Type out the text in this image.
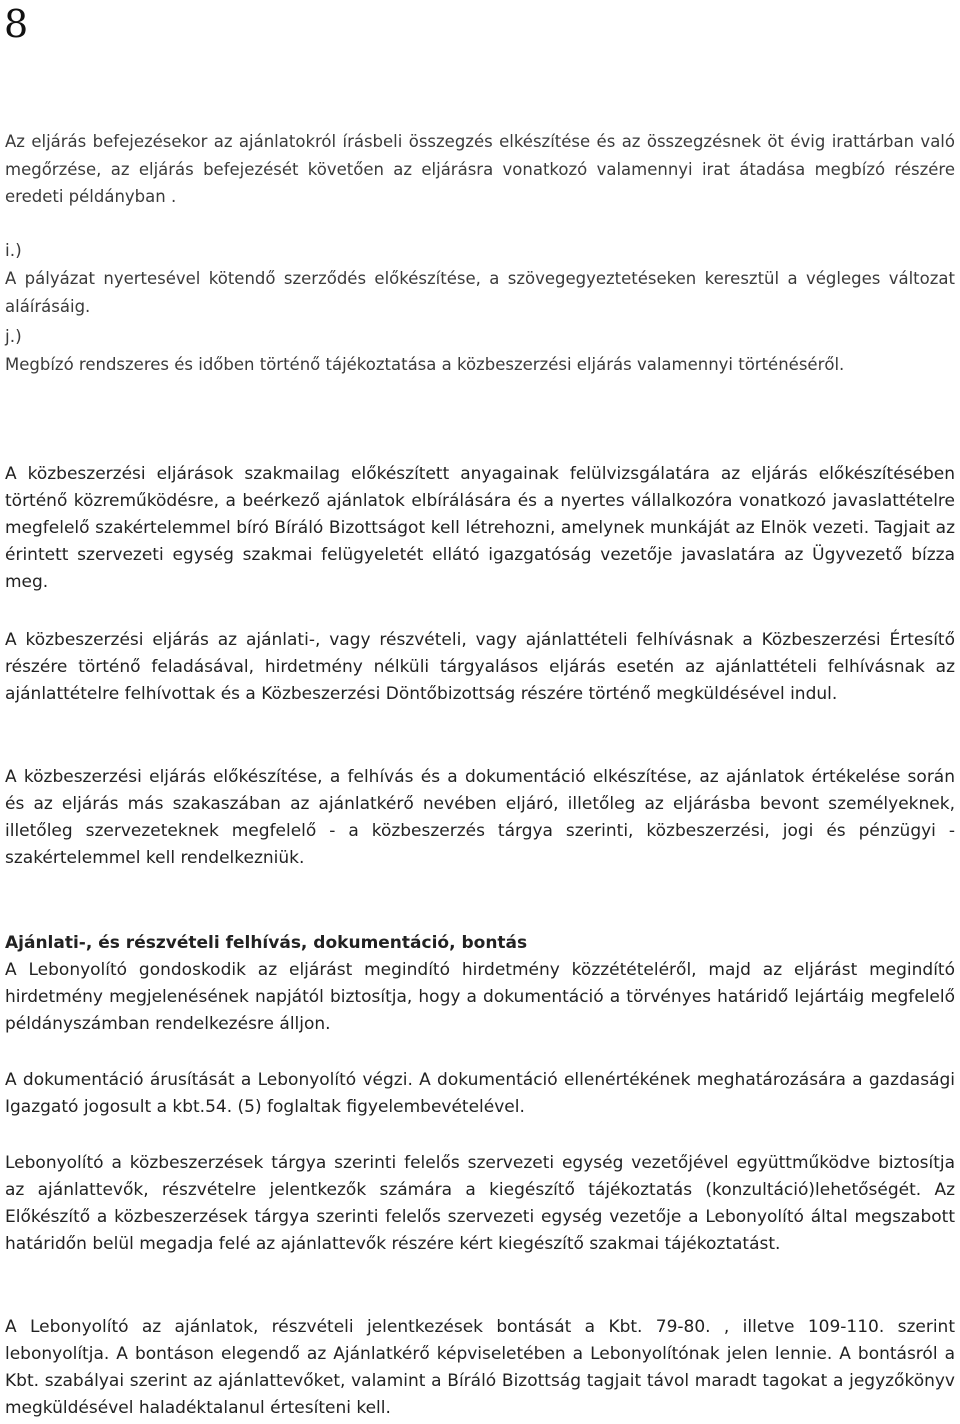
8

Az eljárás befejezésekor az ajánlatokról írásbeli összegzés elkészítése és az összegzésnek öt évig irattárban való megőrzése, az eljárás befejezését követően az eljárásra vonatkozó valamennyi irat átadása megbízó részére eredeti példányban .

i.)

A pályázat nyertesével kötendő szerződés előkészítése, a szövegegyeztetéseken keresztül a végleges változat aláírásáig.

j.)

Megbízó rendszeres és időben történő tájékoztatása a közbeszerzési eljárás valamennyi történéséről.

A közbeszerzési eljárások szakmailag előkészített anyagainak felülvizsgálatára az eljárás előkészítésében történő közreműködésre, a beérkező ajánlatok elbírálására és a nyertes vállalkozóra vonatkozó javaslattételre megfelelő szakértelemmel bíró Bíráló Bizottságot kell létrehozni, amelynek munkáját az Elnök vezeti. Tagjait az érintett szervezeti egység szakmai felügyeletét ellátó igazgatóság vezetője javaslatára az Ügyvezető bízza meg.

A közbeszerzési eljárás az ajánlati-, vagy részvételi, vagy ajánlattételi felhívásnak a Közbeszerzési Értesítő részére történő feladásával, hirdetmény nélküli tárgyalásos eljárás esetén az ajánlattételi felhívásnak az ajánlattételre felhívottak és a Közbeszerzési Döntőbizottság részére történő megküldésével indul.

A közbeszerzési eljárás előkészítése, a felhívás és a dokumentáció elkészítése, az ajánlatok értékelése során és az eljárás más szakaszában az ajánlatkérő nevében eljáró, illetőleg az eljárásba bevont személyeknek, illetőleg szervezeteknek megfelelő - a közbeszerzés tárgya szerinti, közbeszerzési, jogi és pénzügyi - szakértelemmel kell rendelkezniük.

Ajánlati-, és részvételi felhívás, dokumentáció, bontás

A Lebonyolító gondoskodik az eljárást megindító hirdetmény közzétételéről, majd az eljárást megindító hirdetmény megjelenésének napjától biztosítja, hogy a dokumentáció a törvényes határidő lejártáig megfelelő példányszámban rendelkezésre álljon.

A dokumentáció árusítását a Lebonyolító végzi. A dokumentáció ellenértékének meghatározására a gazdasági Igazgató jogosult a kbt.54. (5) foglaltak figyelembevételével.

Lebonyolító a közbeszerzések tárgya szerinti felelős szervezeti egység vezetőjével együttműködve biztosítja az ajánlattevők, részvételre jelentkezők számára a kiegészítő tájékoztatás (konzultáció)lehetőségét. Az Előkészítő a közbeszerzések tárgya szerinti felelős szervezeti egység vezetője a Lebonyolító által megszabott határidőn belül megadja felé az ajánlattevők részére kért kiegészítő szakmai tájékoztatást.

A Lebonyolító az ajánlatok, részvételi jelentkezések bontását a Kbt. 79-80. , illetve 109-110. szerint lebonyolítja. A bontáson elegendő az Ajánlatkérő képviseletében a Lebonyolítónak jelen lennie. A bontásról a Kbt. szabályai szerint az ajánlattevőket, valamint a Bíráló Bizottság tagjait távol maradt tagokat a jegyzőkönyv megküldésével haladéktalanul értesíteni kell.
